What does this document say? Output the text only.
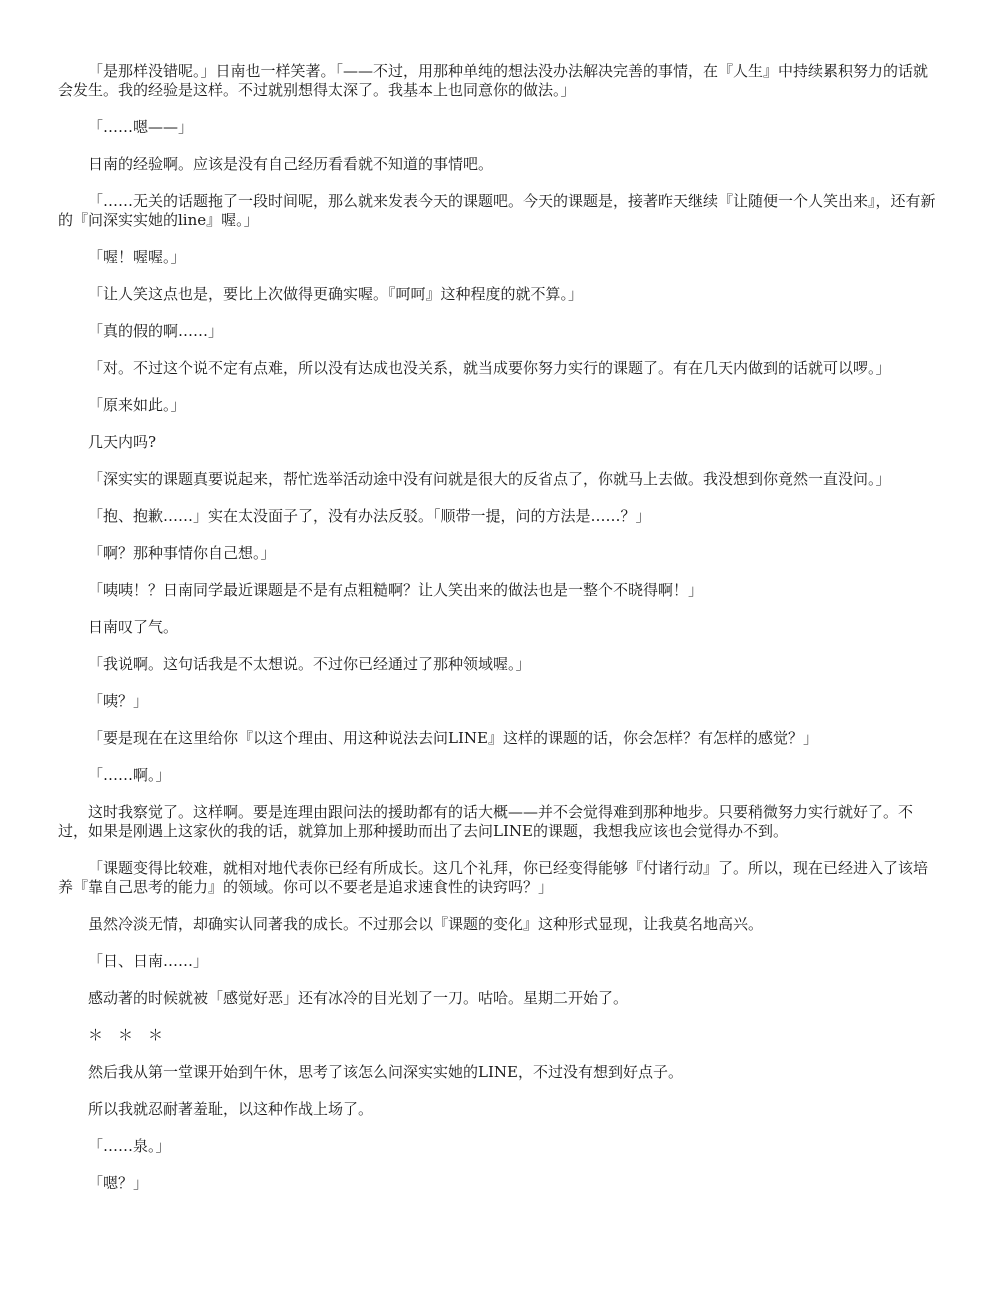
「是那样没错呢。」日南也一样笑著。「——不过，用那种单纯的想法没办法解决完善的事情，在『人生』中持续累积努力的话就会发生。我的经验是这样。不过就别想得太深了。我基本上也同意你的做法。」

「……嗯——」

日南的经验啊。应该是没有自己经历看看就不知道的事情吧。

「……无关的话题拖了一段时间呢，那么就来发表今天的课题吧。今天的课题是，接著昨天继续『让随便一个人笑出来』，还有新的『问深实实她的line』喔。」

「喔！喔喔。」

「让人笑这点也是，要比上次做得更确实喔。『呵呵』这种程度的就不算。」

「真的假的啊……」

「对。不过这个说不定有点难，所以没有达成也没关系，就当成要你努力实行的课题了。有在几天内做到的话就可以啰。」

「原来如此。」

几天内吗?

「深实实的课题真要说起来，帮忙选举活动途中没有问就是很大的反省点了，你就马上去做。我没想到你竟然一直没问。」

「抱、抱歉……」实在太没面子了，没有办法反驳。「顺带一提，问的方法是……？」

「啊？那种事情你自己想。」

「咦咦！？日南同学最近课题是不是有点粗糙啊？让人笑出来的做法也是一整个不晓得啊！」

日南叹了气。

「我说啊。这句话我是不太想说。不过你已经通过了那种领域喔。」

「咦？」

「要是现在在这里给你『以这个理由、用这种说法去问LINE』这样的课题的话，你会怎样？有怎样的感觉？」

「……啊。」

这时我察觉了。这样啊。要是连理由跟问法的援助都有的话大概——并不会觉得难到那种地步。只要稍微努力实行就好了。不过，如果是刚遇上这家伙的我的话，就算加上那种援助而出了去问LINE的课题，我想我应该也会觉得办不到。

「课题变得比较难，就相对地代表你已经有所成长。这几个礼拜，你已经变得能够『付诸行动』了。所以，现在已经进入了该培养『靠自己思考的能力』的领域。你可以不要老是追求速食性的诀窍吗？」

虽然冷淡无情，却确实认同著我的成长。不过那会以『课题的变化』这种形式显现，让我莫名地高兴。

「日、日南……」

感动著的时候就被「感觉好恶」还有冰冷的目光划了一刀。咕哈。星期二开始了。

＊　＊　＊

然后我从第一堂课开始到午休，思考了该怎么问深实实她的LINE，不过没有想到好点子。

所以我就忍耐著羞耻，以这种作战上场了。

「……泉。」

「嗯？」
